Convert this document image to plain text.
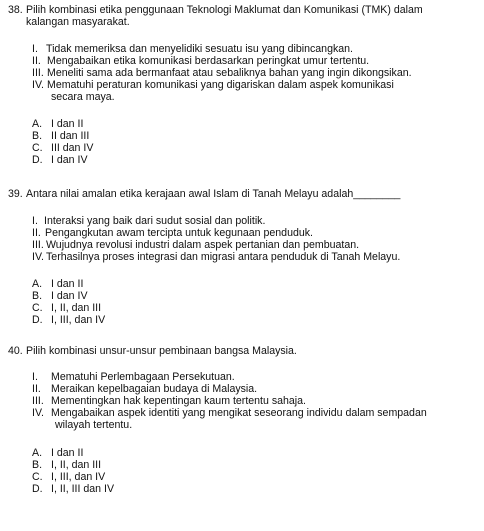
38. Pilih kombinasi etika penggunaan Teknologi Maklumat dan Komunikasi (TMK) dalam
kalangan masyarakat.
I. Tidak memeriksa dan menyelidiki sesuatu isu yang dibincangkan.
II. Mengabaikan etika komunikasi berdasarkan peringkat umur tertentu.
III. Meneliti sama ada bermanfaat atau sebaliknya bahan yang ingin dikongsikan.
IV. Mematuhi peraturan komunikasi yang digariskan dalam aspek komunikasi
secara maya.
A. I dan II
B. II dan III
C. III dan IV
D. I dan IV
39. Antara nilai amalan etika kerajaan awal Islam di Tanah Melayu adalah________
I. Interaksi yang baik dari sudut sosial dan politik.
II. Pengangkutan awam tercipta untuk kegunaan penduduk.
III. Wujudnya revolusi industri dalam aspek pertanian dan pembuatan.
IV. Terhasilnya proses integrasi dan migrasi antara penduduk di Tanah Melayu.
A. I dan II
B. I dan IV
C. I, II, dan III
D. I, III, dan IV
40. Pilih kombinasi unsur-unsur pembinaan bangsa Malaysia.
I. Mematuhi Perlembagaan Persekutuan.
II. Meraikan kepelbagaian budaya di Malaysia.
III. Mementingkan hak kepentingan kaum tertentu sahaja.
IV. Mengabaikan aspek identiti yang mengikat seseorang individu dalam sempadan
wilayah tertentu.
A. I dan II
B. I, II, dan III
C. I, III, dan IV
D. I, II, III dan IV
